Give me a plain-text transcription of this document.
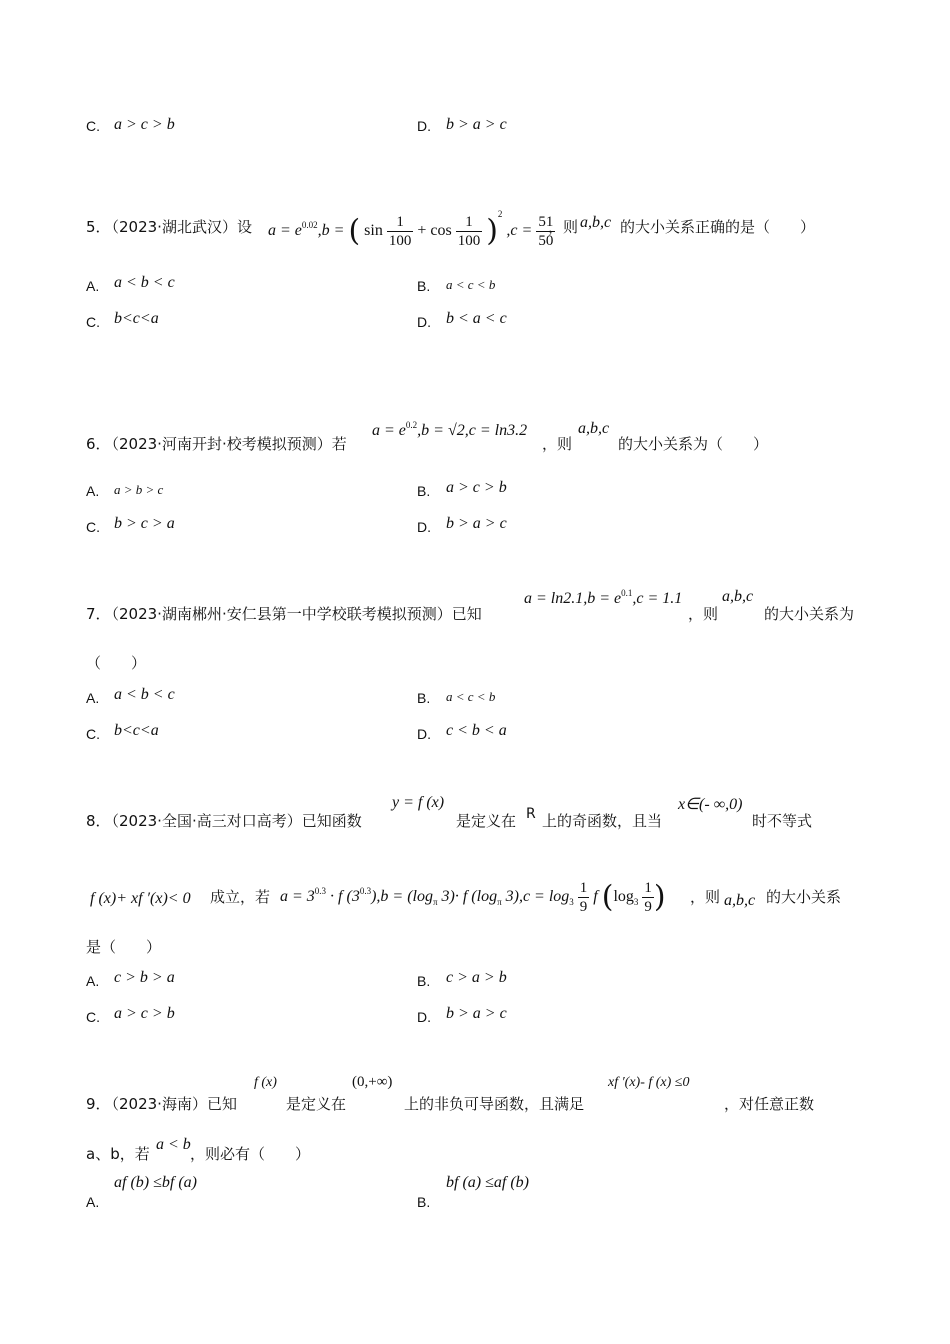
C. a > c > b	D. b > a > c
5．
（2023·湖北武汉）设 $a = e^{0.02},b$ = ( $\sin \frac{1}{100} + \cos \frac{1}{100} )^2$ $,c = \frac{51}{50}$
，则 a,b,c 的大小关系正确的是（　　）
A. a < b < c	B. a < c < b
C. b<c<a	D. b < a < c
6．
（2023·河南开封·校考模拟预测）若
$a = e^{0.2},b = √2,c = \ln 3.2$
，则
a,b,c
的大小关系为（　　）
A. a > b > c	B. a > c > b
C. b > c > a	D. b > a > c
7．
（2023·湖南郴州·安仁县第一中学校联考模拟预测）已知
$a = \ln 2.1,b = e^{0.1},c = 1.1$
，则
a,b,c
的大小关系为
（　　）
A. a < b < c	B. a < c < b
C. b<c<a	D. c < b < a
8．
（2023·全国·高三对口高考）已知函数
y = f (x)
是定义在 R 上的奇函数，且当
x∈(- ∞,0)
时不等式
f (x)+ xf ′(x)< 0 成立，若 $a = 3^{0.3} \cdot f$ $(3^{0.3}),b = (\log_\pi$ 3)· f ($\log_\pi$ $3),c = \log_3 \frac{1}{9}$ f ($\log_3 \frac{1}{9}$ ) ，则 a,b,c 的大小关系
是（　　）
A. c > b > a	B. c > a > b
C. a > c > b	D. b > a > c
9．
（2023·海南）已知
f (x)
是定义在
(0,+∞)
上的非负可导函数，且满足
xf ′(x)- f (x) ≤0
，对任意正数
a、b，若
a < b
，则必有（　　）
A.
af (b) ≤bf (a)
B.
bf (a) ≤af (b)
